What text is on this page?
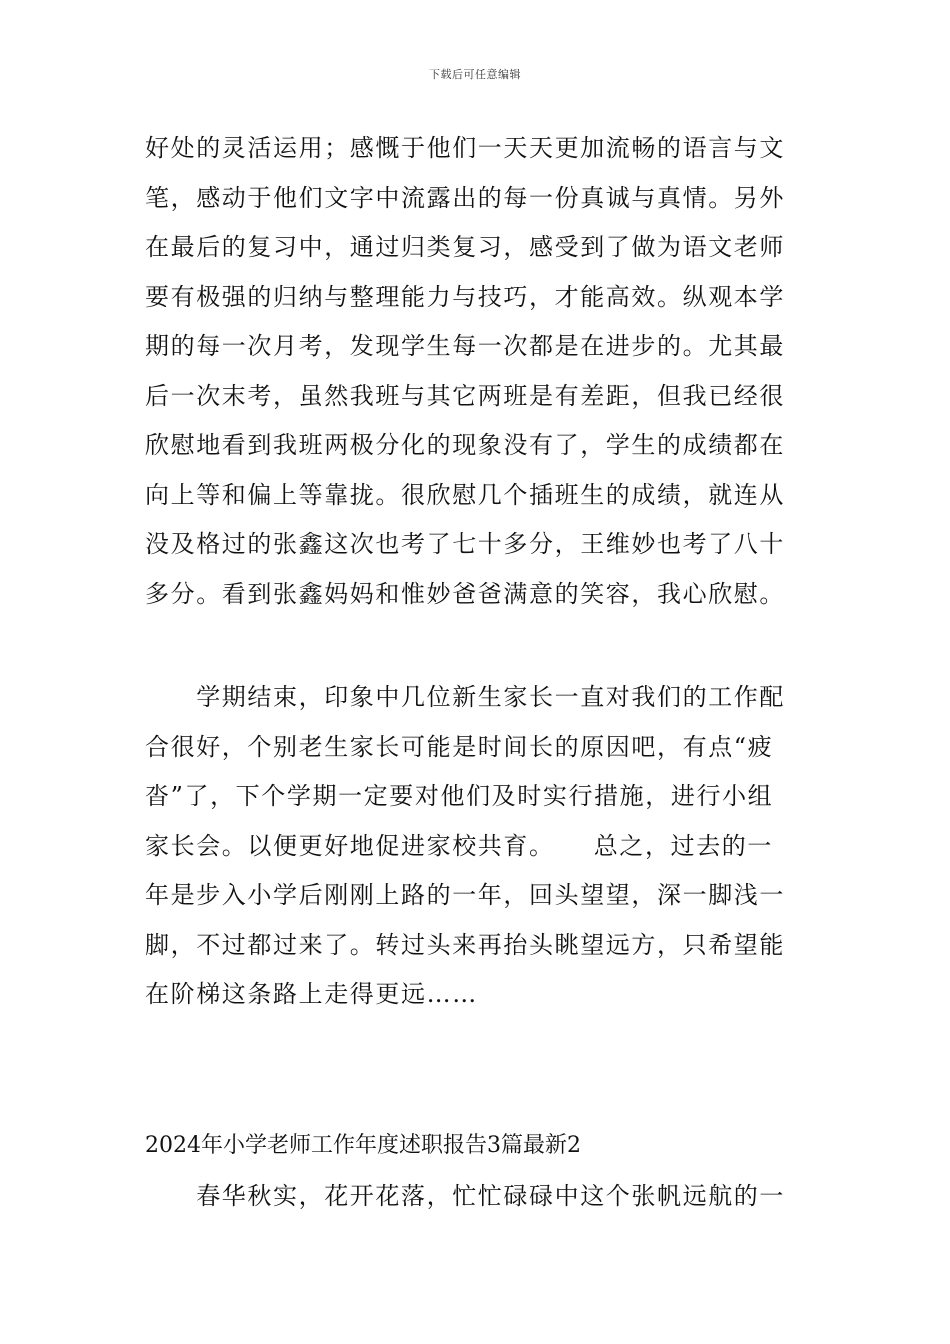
下载后可任意编辑
好处的灵活运用；感慨于他们一天天更加流畅的语言与文
笔，感动于他们文字中流露出的每一份真诚与真情。另外
在最后的复习中，通过归类复习，感受到了做为语文老师
要有极强的归纳与整理能力与技巧，才能高效。纵观本学
期的每一次月考，发现学生每一次都是在进步的。尤其最
后一次末考，虽然我班与其它两班是有差距，但我已经很
欣慰地看到我班两极分化的现象没有了，学生的成绩都在
向上等和偏上等靠拢。很欣慰几个插班生的成绩，就连从
没及格过的张鑫这次也考了七十多分，王维妙也考了八十
多分。看到张鑫妈妈和惟妙爸爸满意的笑容，我心欣慰。
　　学期结束，印象中几位新生家长一直对我们的工作配
合很好，个别老生家长可能是时间长的原因吧，有点“疲
沓”了，下个学期一定要对他们及时实行措施，进行小组
家长会。以便更好地促进家校共育。　　总之，过去的一
年是步入小学后刚刚上路的一年，回头望望，深一脚浅一
脚，不过都过来了。转过头来再抬头眺望远方，只希望能
在阶梯这条路上走得更远……
2024年小学老师工作年度述职报告3篇最新2
　　春华秋实，花开花落，忙忙碌碌中这个张帆远航的一
